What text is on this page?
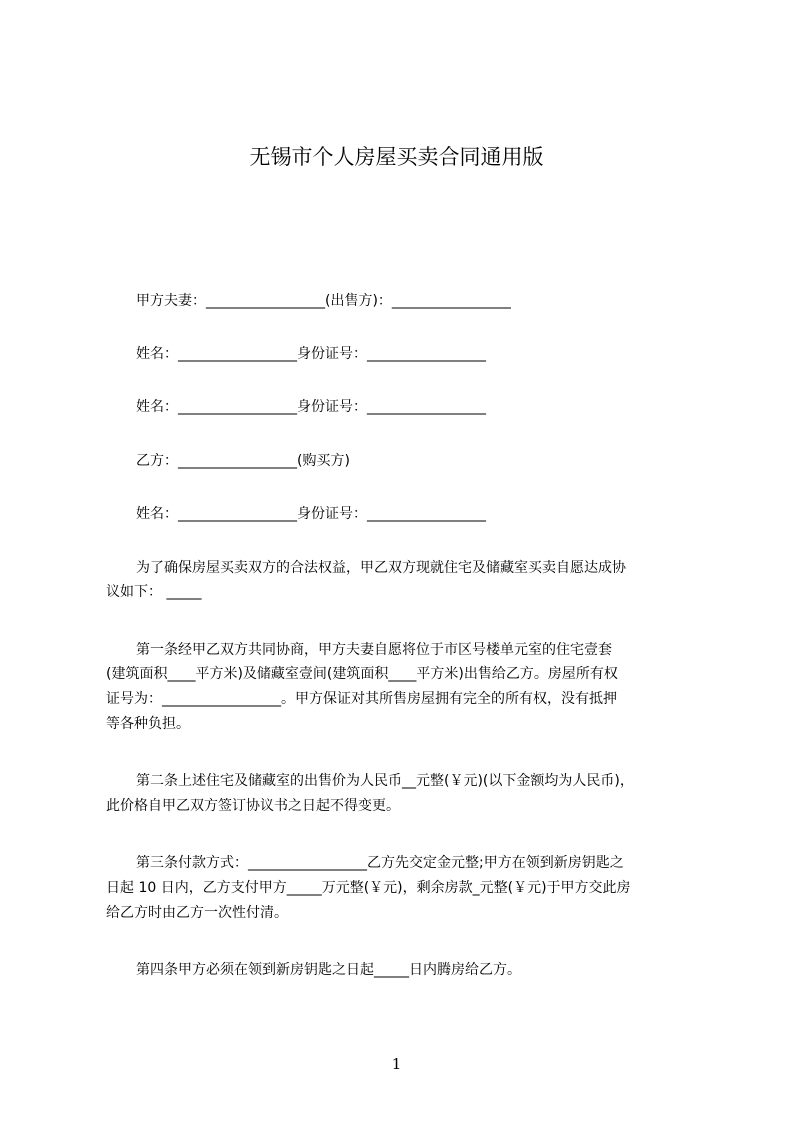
无锡市个人房屋买卖合同通用版
甲方夫妻：_________________(出售方)：_________________
姓名：_________________身份证号：_________________
姓名：_________________身份证号：_________________
乙方：_________________(购买方)
姓名：_________________身份证号：_________________
为了确保房屋买卖双方的合法权益，甲乙双方现就住宅及储藏室买卖自愿达成协
议如下： _____
第一条经甲乙双方共同协商，甲方夫妻自愿将位于市区号楼单元室的住宅壹套
(建筑面积____平方米)及储藏室壹间(建筑面积____平方米)出售给乙方。房屋所有权
证号为：_________________。甲方保证对其所售房屋拥有完全的所有权，没有抵押
等各种负担。
第二条上述住宅及储藏室的出售价为人民币__元整(￥元)(以下金额均为人民币)，
此价格自甲乙双方签订协议书之日起不得变更。
第三条付款方式：_________________乙方先交定金元整;甲方在领到新房钥匙之
日起 10 日内，乙方支付甲方_____万元整(￥元)，剩余房款_元整(￥元)于甲方交此房
给乙方时由乙方一次性付清。
第四条甲方必须在领到新房钥匙之日起_____日内腾房给乙方。
1
